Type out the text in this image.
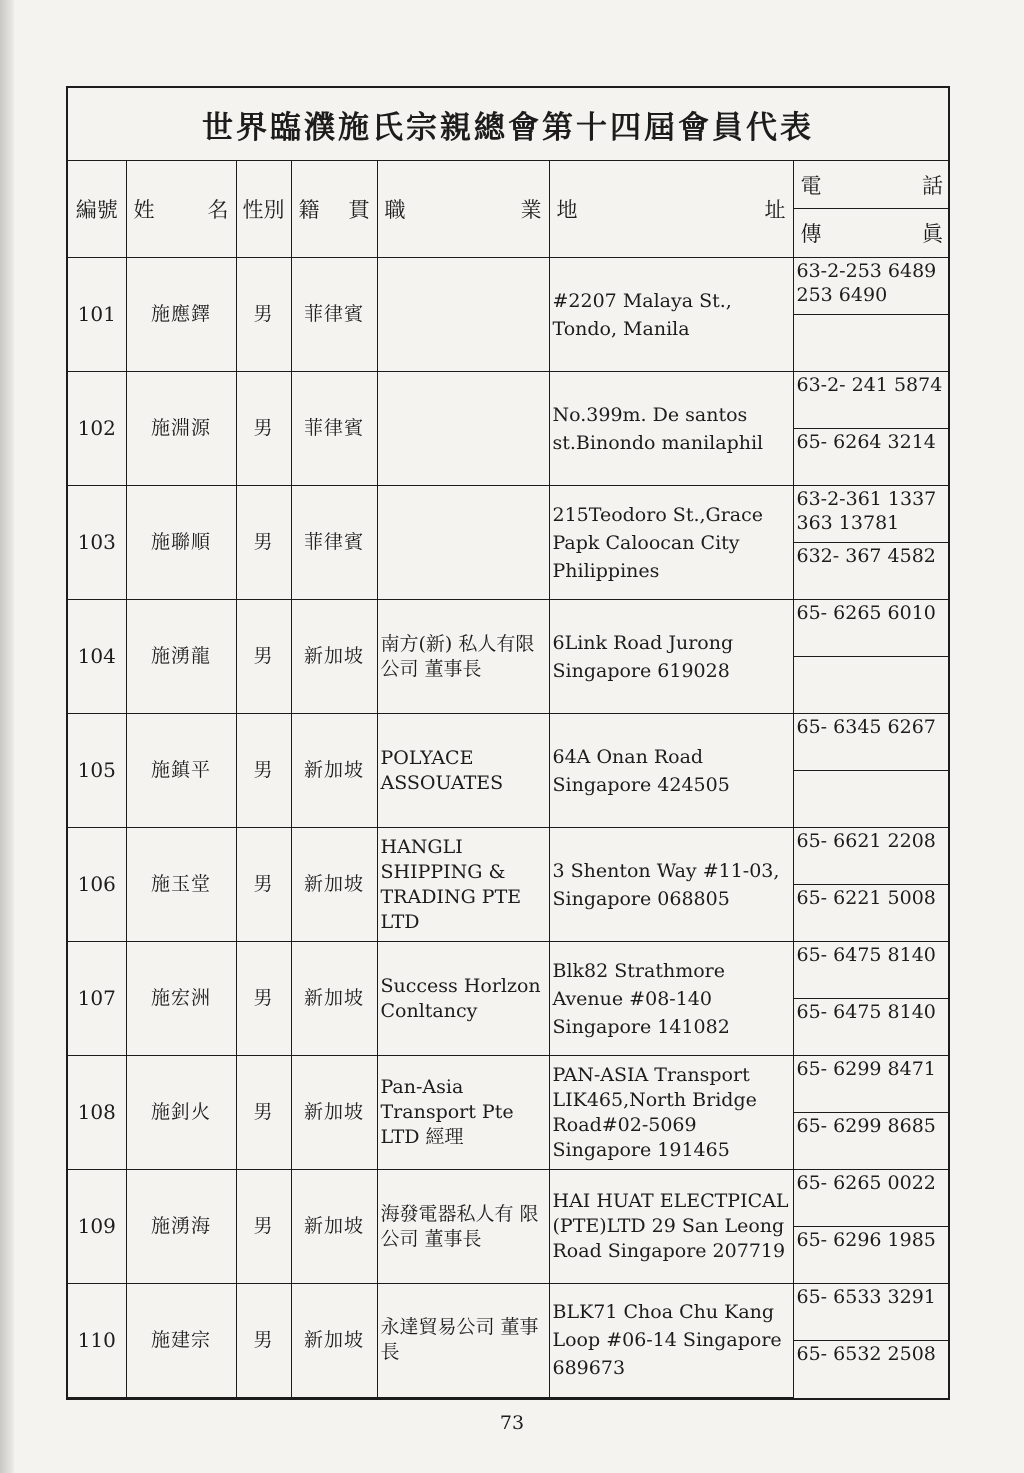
世界臨濮施氏宗親總會第十四屆會員代表
編號	姓 名	性別	籍 貫	職 業	地 址	電 話

						傳 眞

101	施應鐸	男	菲律賓		#2207 Malaya St., Tondo, Manila	63-2-253 6489 253 6490

102	施淵源	男	菲律賓		No.399m. De santos st.Binondo manilaphil	63-2- 241 5874
						65- 6264 3214
103	施聯順	男	菲律賓		215Teodoro St.,Grace Papk Caloocan City Philippines	63-2-361 1337 363 13781
						632- 367 4582
104	施湧龍	男	新加坡	南方(新) 私人有限公司 董事長	6Link Road Jurong Singapore 619028	65- 6265 6010

105	施鎮平	男	新加坡	POLYACE ASSOUATES	64A Onan Road Singapore 424505	65- 6345 6267

106	施玉堂	男	新加坡	HANGLI SHIPPING & TRADING PTE LTD	3 Shenton Way #11-03, Singapore 068805	65- 6621 2208
						65- 6221 5008
107	施宏洲	男	新加坡	Success Horlzon Conltancy	Blk82 Strathmore Avenue #08-140 Singapore 141082	65- 6475 8140
						65- 6475 8140
108	施釗火	男	新加坡	Pan-Asia Transport Pte LTD 經理	PAN-ASIA Transport LIK465,North Bridge Road#02-5069 Singapore 191465	65- 6299 8471
						65- 6299 8685
109	施湧海	男	新加坡	海發電器私人有 限公司 董事長	HAI HUAT ELECTPICAL (PTE)LTD 29 San Leong Road Singapore 207719	65- 6265 0022
						65- 6296 1985
110	施建宗	男	新加坡	永達貿易公司 董事長	BLK71 Choa Chu Kang Loop #06-14 Singapore 689673	65- 6533 3291
						65- 6532 2508
73
